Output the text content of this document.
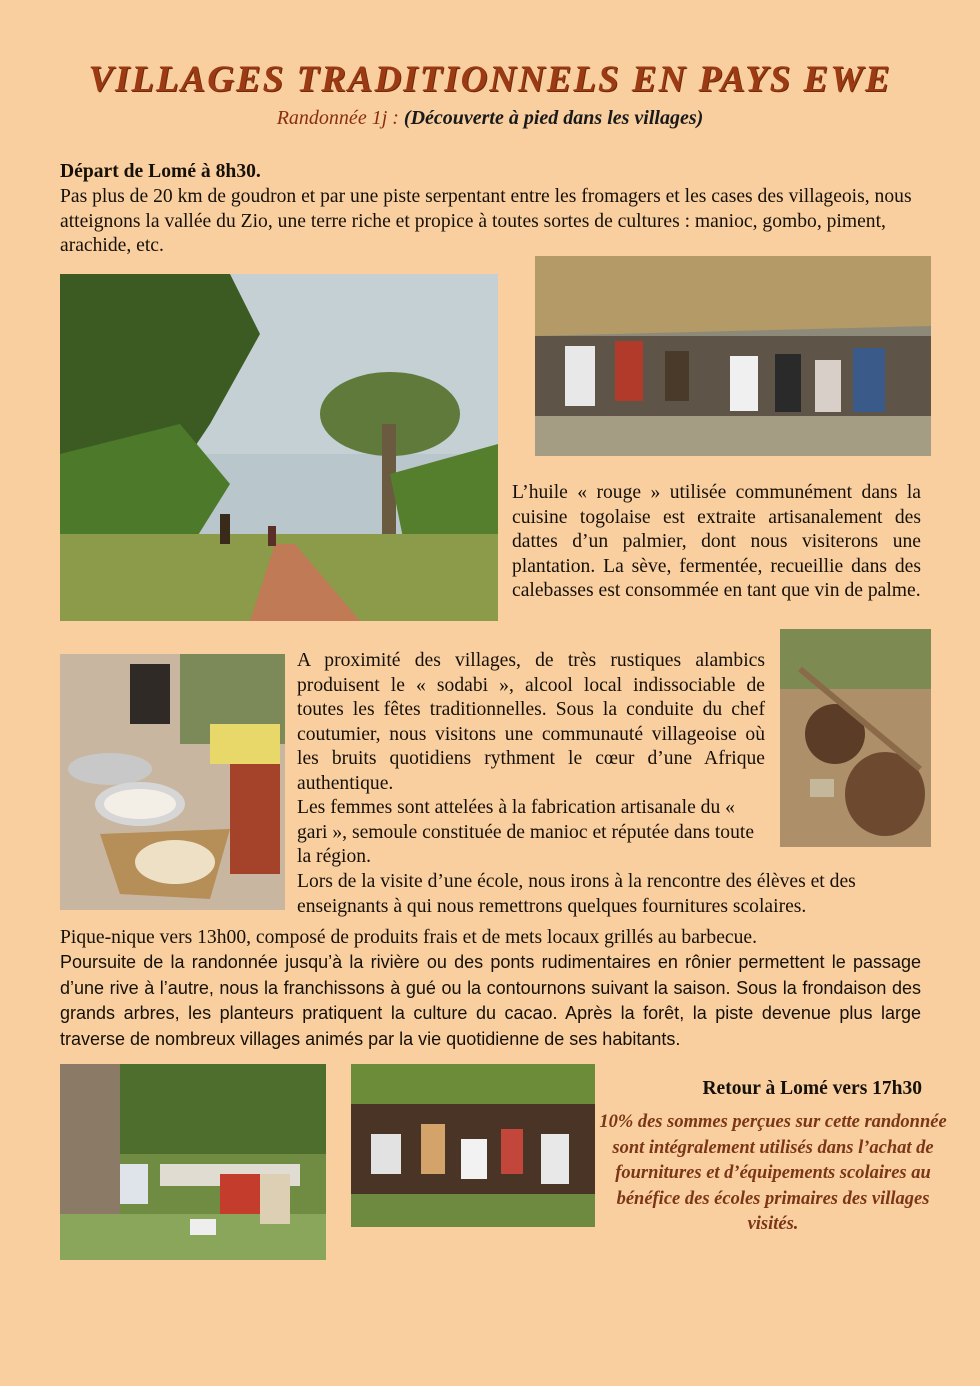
VILLAGES TRADITIONNELS EN PAYS EWE
Randonnée 1j : (Découverte à pied dans les villages)
Départ de Lomé à 8h30.
Pas plus de 20 km de goudron et par une piste serpentant entre les fromagers et les cases des villageois, nous atteignons la vallée du Zio, une terre riche et propice à toutes sortes de cultures : manioc, gombo, piment, arachide, etc.
L’huile « rouge » utilisée communément dans la cuisine togolaise est extraite artisanalement des dattes d’un palmier, dont nous visiterons une plantation. La sève, fermentée, recueillie dans des calebasses est consommée en tant que vin de palme.
A proximité des villages, de très rustiques alambics produisent le « sodabi », alcool local indissociable de toutes les fêtes traditionnelles. Sous la conduite du chef coutumier, nous visitons une communauté villageoise où les bruits quotidiens rythment le cœur d’une Afrique authentique.
Les femmes sont attelées à la fabrication artisanale du « gari », semoule constituée de manioc et réputée dans toute la région.
Lors de la visite d’une école, nous irons à la rencontre des élèves et des enseignants à qui nous remettrons quelques fournitures scolaires.
Pique-nique vers 13h00, composé de produits frais et de mets locaux grillés au barbecue.
Poursuite de la randonnée jusqu’à la rivière ou des ponts rudimentaires en rônier permettent le passage d’une rive à l’autre, nous la franchissons à gué ou la contournons suivant la saison. Sous la frondaison des grands arbres, les planteurs pratiquent la culture du cacao. Après la forêt, la piste devenue plus large traverse de nombreux villages animés par la vie quotidienne de ses habitants.
Retour à Lomé vers 17h30
10% des sommes perçues sur cette randonnée sont intégralement utilisés dans l’achat de fournitures et d’équipements scolaires au bénéfice des écoles primaires des villages visités.
